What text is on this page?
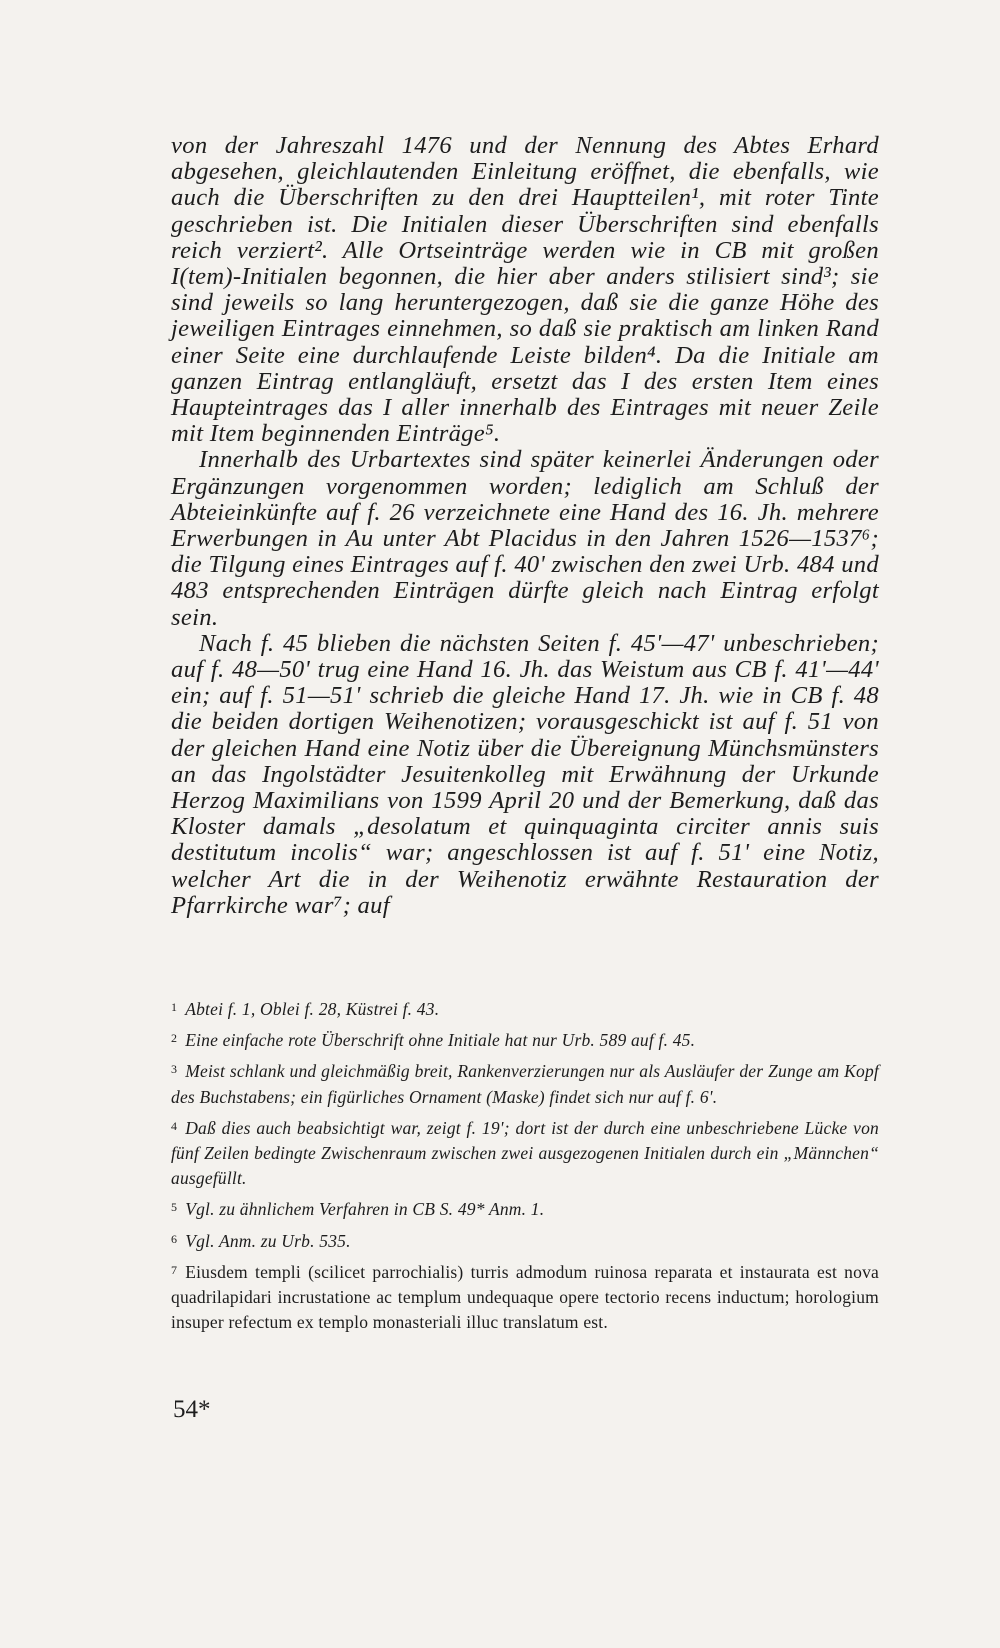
von der Jahreszahl 1476 und der Nennung des Abtes Erhard abgesehen, gleichlautenden Einleitung eröffnet, die ebenfalls, wie auch die Überschriften zu den drei Hauptteilen¹, mit roter Tinte geschrieben ist. Die Initialen dieser Überschriften sind ebenfalls reich verziert². Alle Ortseinträge werden wie in CB mit großen I(tem)-Initialen begonnen, die hier aber anders stilisiert sind³; sie sind jeweils so lang heruntergezogen, daß sie die ganze Höhe des jeweiligen Eintrages einnehmen, so daß sie praktisch am linken Rand einer Seite eine durchlaufende Leiste bilden⁴. Da die Initiale am ganzen Eintrag entlangläuft, ersetzt das I des ersten Item eines Haupteintrages das I aller innerhalb des Eintrages mit neuer Zeile mit Item beginnenden Einträge⁵.

Innerhalb des Urbartextes sind später keinerlei Änderungen oder Ergänzungen vorgenommen worden; lediglich am Schluß der Abteieinkünfte auf f. 26 verzeichnete eine Hand des 16. Jh. mehrere Erwerbungen in Au unter Abt Placidus in den Jahren 1526—1537⁶; die Tilgung eines Eintrages auf f. 40' zwischen den zwei Urb. 484 und 483 entsprechenden Einträgen dürfte gleich nach Eintrag erfolgt sein.

Nach f. 45 blieben die nächsten Seiten f. 45'—47' unbeschrieben; auf f. 48—50' trug eine Hand 16. Jh. das Weistum aus CB f. 41'—44' ein; auf f. 51—51' schrieb die gleiche Hand 17. Jh. wie in CB f. 48 die beiden dortigen Weihenotizen; vorausgeschickt ist auf f. 51 von der gleichen Hand eine Notiz über die Übereignung Münchsmünsters an das Ingolstädter Jesuitenkolleg mit Erwähnung der Urkunde Herzog Maximilians von 1599 April 20 und der Bemerkung, daß das Kloster damals „desolatum et quinquaginta circiter annis suis destitutum incolis“ war; angeschlossen ist auf f. 51' eine Notiz, welcher Art die in der Weihenotiz erwähnte Restauration der Pfarrkirche war⁷; auf

$^1$ Abtei f. 1, Oblei f. 28, Küstrei f. 43.

$^2$ Eine einfache rote Überschrift ohne Initiale hat nur Urb. 589 auf f. 45.

$^3$ Meist schlank und gleichmäßig breit, Rankenverzierungen nur als Ausläufer der Zunge am Kopf des Buchstabens; ein figürliches Ornament (Maske) findet sich nur auf f. 6'.

$^4$ Daß dies auch beabsichtigt war, zeigt f. 19'; dort ist der durch eine unbeschriebene Lücke von fünf Zeilen bedingte Zwischenraum zwischen zwei ausgezogenen Initialen durch ein „Männchen“ ausgefüllt.

$^5$ Vgl. zu ähnlichem Verfahren in CB S. 49* Anm. 1.

$^6$ Vgl. Anm. zu Urb. 535.

$^7$ Eiusdem templi (scilicet parrochialis) turris admodum ruinosa reparata et instaurata est nova quadrilapidari incrustatione ac templum undequaque opere tectorio recens inductum; horologium insuper refectum ex templo monasteriali illuc translatum est.

54*
